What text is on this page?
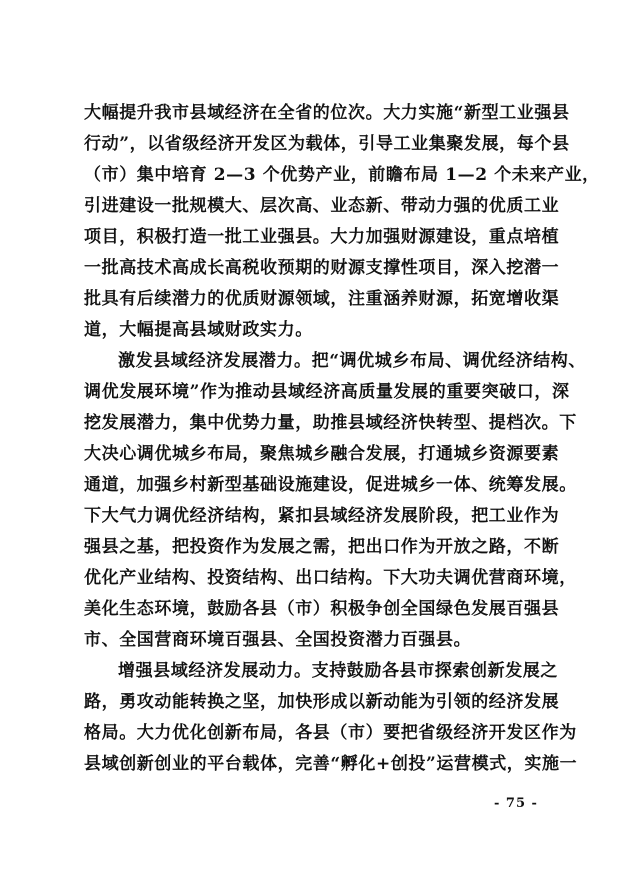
大幅提升我市县域经济在全省的位次。大力实施“新型工业强县
行动”，以省级经济开发区为载体，引导工业集聚发展，每个县
（市）集中培育 2—3 个优势产业，前瞻布局 1—2 个未来产业，
引进建设一批规模大、层次高、业态新、带动力强的优质工业
项目，积极打造一批工业强县。大力加强财源建设，重点培植
一批高技术高成长高税收预期的财源支撑性项目，深入挖潜一
批具有后续潜力的优质财源领域，注重涵养财源，拓宽增收渠
道，大幅提高县域财政实力。
激发县域经济发展潜力。把“调优城乡布局、调优经济结构、
调优发展环境”作为推动县域经济高质量发展的重要突破口，深
挖发展潜力，集中优势力量，助推县域经济快转型、提档次。下
大决心调优城乡布局，聚焦城乡融合发展，打通城乡资源要素
通道，加强乡村新型基础设施建设，促进城乡一体、统筹发展。
下大气力调优经济结构，紧扣县域经济发展阶段，把工业作为
强县之基，把投资作为发展之需，把出口作为开放之路，不断
优化产业结构、投资结构、出口结构。下大功夫调优营商环境，
美化生态环境，鼓励各县（市）积极争创全国绿色发展百强县
市、全国营商环境百强县、全国投资潜力百强县。
增强县域经济发展动力。支持鼓励各县市探索创新发展之
路，勇攻动能转换之坚，加快形成以新动能为引领的经济发展
格局。大力优化创新布局，各县（市）要把省级经济开发区作为
县域创新创业的平台载体，完善“孵化+创投”运营模式，实施一
- 75 -
